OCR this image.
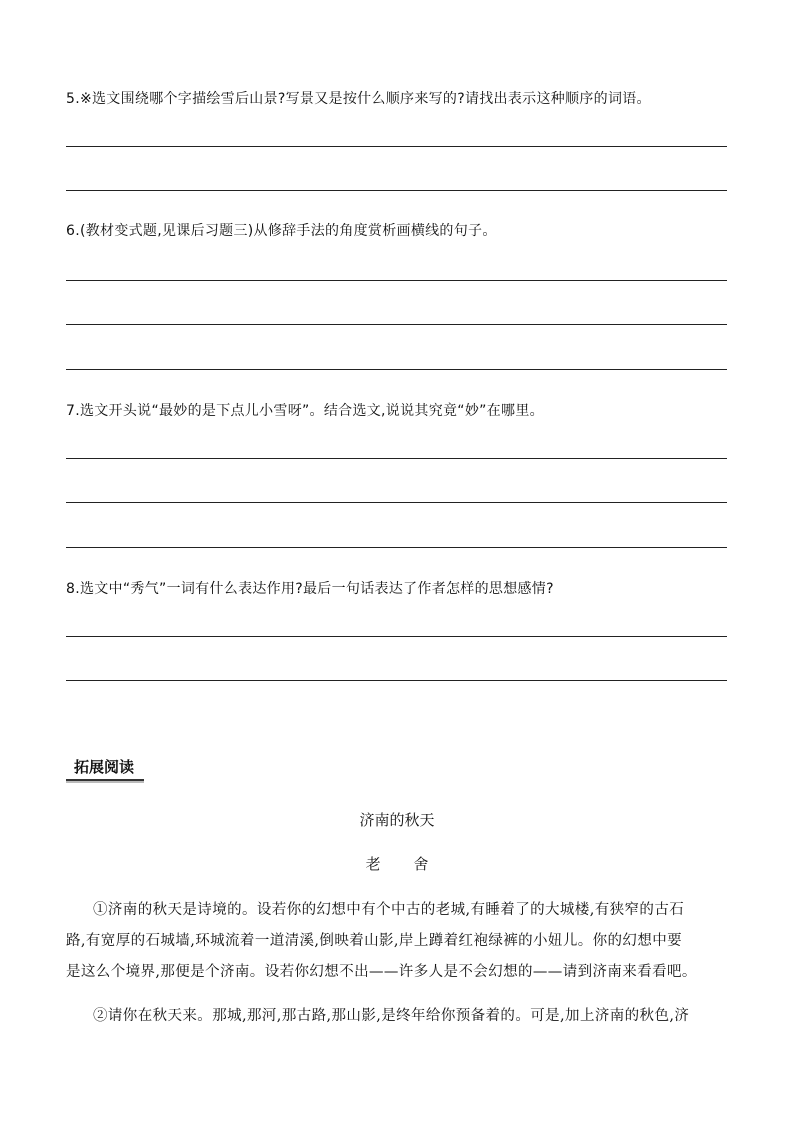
5.※选文围绕哪个字描绘雪后山景?写景又是按什么顺序来写的?请找出表示这种顺序的词语。
6.(教材变式题,见课后习题三)从修辞手法的角度赏析画横线的句子。
7.选文开头说“最妙的是下点儿小雪呀”。结合选文,说说其究竟“妙”在哪里。
8.选文中“秀气”一词有什么表达作用?最后一句话表达了作者怎样的思想感情?
拓展阅读
济南的秋天
老 舍
①济南的秋天是诗境的。设若你的幻想中有个中古的老城,有睡着了的大城楼,有狭窄的古石
路,有宽厚的石城墙,环城流着一道清溪,倒映着山影,岸上蹲着红袍绿裤的小妞儿。你的幻想中要
是这么个境界,那便是个济南。设若你幻想不出——许多人是不会幻想的——请到济南来看看吧。
②请你在秋天来。那城,那河,那古路,那山影,是终年给你预备着的。可是,加上济南的秋色,济
